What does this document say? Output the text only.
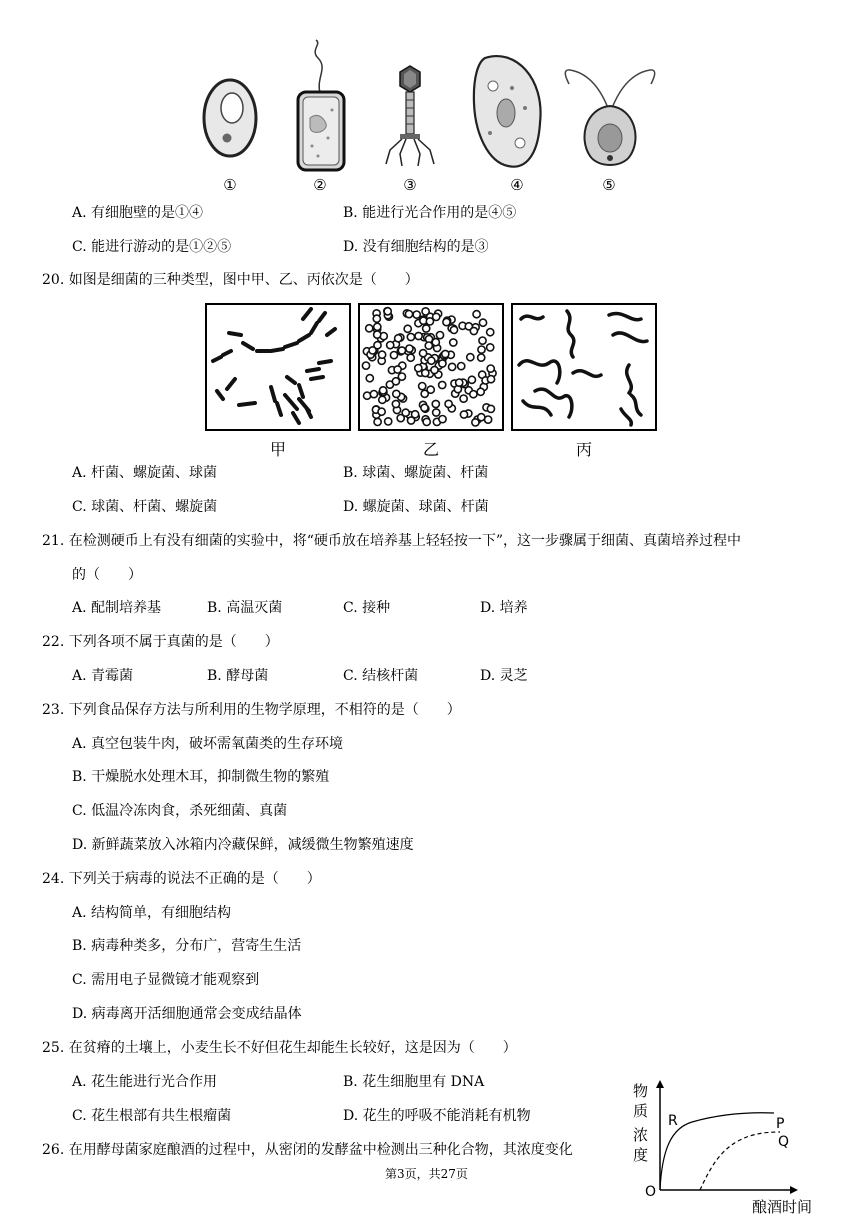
①	②	③	④	⑤
A. 有细胞壁的是①④	B. 能进行光合作用的是④⑤
C. 能进行游动的是①②⑤	D. 没有细胞结构的是③
20. 如图是细菌的三种类型，图中甲、乙、丙依次是（　　）
甲	乙	丙
A. 杆菌、螺旋菌、球菌	B. 球菌、螺旋菌、杆菌
C. 球菌、杆菌、螺旋菌	D. 螺旋菌、球菌、杆菌
21. 在检测硬币上有没有细菌的实验中，将“硬币放在培养基上轻轻按一下”，这一步骤属于细菌、真菌培养过程中
的（　　）
A. 配制培养基	B. 高温灭菌	C. 接种	D. 培养
22. 下列各项不属于真菌的是（　　）
A. 青霉菌	B. 酵母菌	C. 结核杆菌	D. 灵芝
23. 下列食品保存方法与所利用的生物学原理，不相符的是（　　）
A. 真空包装牛肉，破坏需氧菌类的生存环境
B. 干燥脱水处理木耳，抑制微生物的繁殖
C. 低温冷冻肉食，杀死细菌、真菌
D. 新鲜蔬菜放入冰箱内冷藏保鲜，减缓微生物繁殖速度
24. 下列关于病毒的说法不正确的是（　　）
A. 结构简单，有细胞结构
B. 病毒种类多，分布广，营寄生生活
C. 需用电子显微镜才能观察到
D. 病毒离开活细胞通常会变成结晶体
25. 在贫瘠的土壤上，小麦生长不好但花生却能生长较好，这是因为（　　）
A. 花生能进行光合作用	B. 花生细胞里有 DNA
C. 花生根部有共生根瘤菌	D. 花生的呼吸不能消耗有机物
26. 在用酵母菌家庭酿酒的过程中，从密闭的发酵盆中检测出三种化合物，其浓度变化
物
质
浓
度
R	P
Q
O
酿酒时间
第3页，共27页
